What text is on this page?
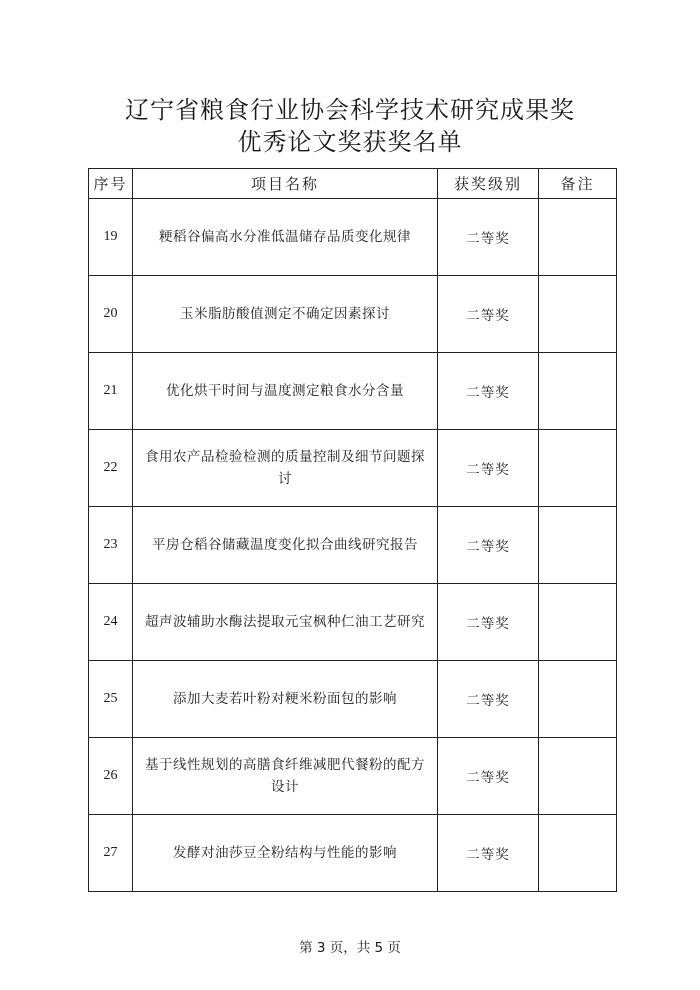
辽宁省粮食行业协会科学技术研究成果奖
优秀论文奖获奖名单
序号	项目名称	获奖级别	备注
19	粳稻谷偏高水分准低温储存品质变化规律	二等奖	
20	玉米脂肪酸值测定不确定因素探讨	二等奖	
21	优化烘干时间与温度测定粮食水分含量	二等奖	
22	食用农产品检验检测的质量控制及细节问题探讨	二等奖	
23	平房仓稻谷储藏温度变化拟合曲线研究报告	二等奖	
24	超声波辅助水酶法提取元宝枫种仁油工艺研究	二等奖	
25	添加大麦若叶粉对粳米粉面包的影响	二等奖	
26	基于线性规划的高膳食纤维减肥代餐粉的配方设计	二等奖	
27	发酵对油莎豆全粉结构与性能的影响	二等奖	
第 3 页，共 5 页
